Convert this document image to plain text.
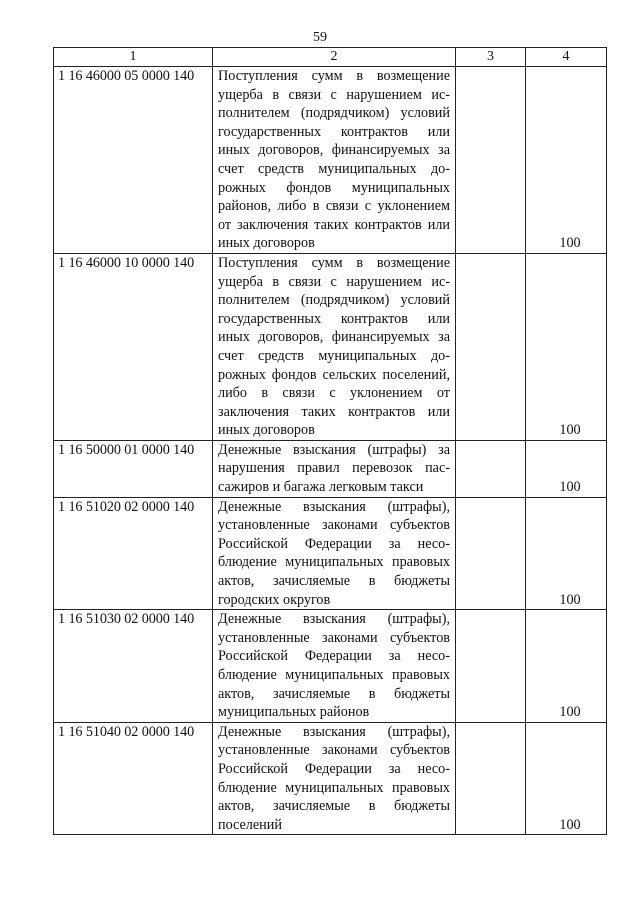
59
1	2	3	4
1 16 46000 05 0000 140	Поступления сумм в возмещение ущерба в связи с нарушением исполнителем (подрядчиком) условий государственных контрактов или иных договоров, финансируемых за счет средств муниципальных дорожных фондов муниципальных районов, либо в связи с уклонением от заключения таких контрактов или иных договоров		100

1 16 46000 10 0000 140	Поступления сумм в возмещение ущерба в связи с нарушением исполнителем (подрядчиком) условий государственных контрактов или иных договоров, финансируемых за счет средств муниципальных дорожных фондов сельских поселений, либо в связи с уклонением от заключения таких контрактов или иных договоров		100

1 16 50000 01 0000 140	Денежные взыскания (штрафы) за нарушения правил перевозок пассажиров и багажа легковым такси		100

1 16 51020 02 0000 140	Денежные взыскания (штрафы), установленные законами субъектов Российской Федерации за несоблюдение муниципальных правовых актов, зачисляемые в бюджеты городских округов		100

1 16 51030 02 0000 140	Денежные взыскания (штрафы), установленные законами субъектов Российской Федерации за несоблюдение муниципальных правовых актов, зачисляемые в бюджеты муниципальных районов		100

1 16 51040 02 0000 140	Денежные взыскания (штрафы), установленные законами субъектов Российской Федерации за несоблюдение муниципальных правовых актов, зачисляемые в бюджеты поселений		100
